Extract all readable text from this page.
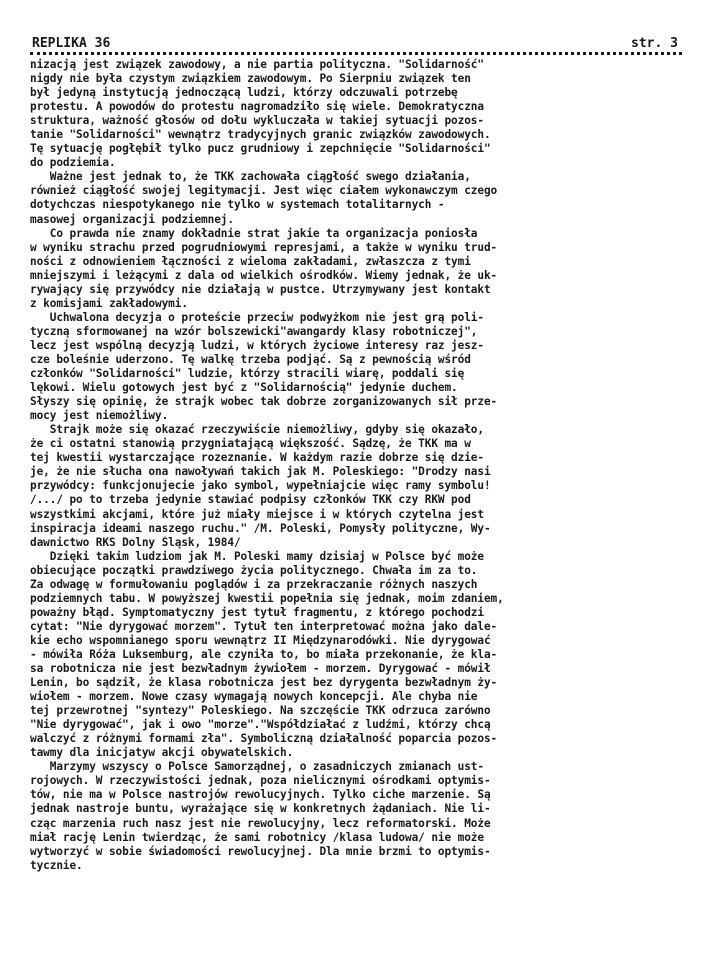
REPLIKA 36	str. 3
nizacją jest związek zawodowy, a nie partia polityczna. "Solidarność"
nigdy nie była czystym związkiem zawodowym. Po Sierpniu związek ten
był jedyną instytucją jednoczącą ludzi, którzy odczuwali potrzebę
protestu. A powodów do protestu nagromadziło się wiele. Demokratyczna
struktura, ważność głosów od dołu wykluczała w takiej sytuacji pozos-
tanie "Solidarności" wewnątrz tradycyjnych granic związków zawodowych.
Tę sytuację pogłębił tylko pucz grudniowy i zepchnięcie "Solidarności"
do podziemia.
Ważne jest jednak to, że TKK zachowała ciągłość swego działania,
również ciągłość swojej legitymacji. Jest więc ciałem wykonawczym czego
dotychczas niespotykanego nie tylko w systemach totalitarnych -
masowej organizacji podziemnej.
Co prawda nie znamy dokładnie strat jakie ta organizacja poniosła
w wyniku strachu przed pogrudniowymi represjami, a także w wyniku trud-
ności z odnowieniem łączności z wieloma zakładami, zwłaszcza z tymi
mniejszymi i leżącymi z dala od wielkich ośrodków. Wiemy jednak, że uk-
rywający się przywódcy nie działają w pustce. Utrzymywany jest kontakt
z komisjami zakładowymi.
Uchwalona decyzja o proteście przeciw podwyżkom nie jest grą poli-
tyczną sformowanej na wzór bolszewicki"awangardy klasy robotniczej",
lecz jest wspólną decyzją ludzi, w których życiowe interesy raz jesz-
cze boleśnie uderzono. Tę walkę trzeba podjąć. Są z pewnością wśród
członków "Solidarności" ludzie, którzy stracili wiarę, poddali się
lękowi. Wielu gotowych jest być z "Solidarnością" jedynie duchem.
Słyszy się opinię, że strajk wobec tak dobrze zorganizowanych sił prze-
mocy jest niemożliwy.
Strajk może się okazać rzeczywiście niemożliwy, gdyby się okazało,
że ci ostatni stanowią przygniatającą większość. Sądzę, że TKK ma w
tej kwestii wystarczające rozeznanie. W każdym razie dobrze się dzie-
je, że nie słucha ona nawoływań takich jak M. Poleskiego: "Drodzy nasi
przywódcy: funkcjonujecie jako symbol, wypełniajcie więc ramy symbolu!
/.../ po to trzeba jedynie stawiać podpisy członków TKK czy RKW pod
wszystkimi akcjami, które już miały miejsce i w których czytelna jest
inspiracja ideami naszego ruchu." /M. Poleski, Pomysły polityczne, Wy-
dawnictwo RKS Dolny Śląsk, 1984/
Dzięki takim ludziom jak M. Poleski mamy dzisiaj w Polsce być może
obiecujące początki prawdziwego życia politycznego. Chwała im za to.
Za odwagę w formułowaniu poglądów i za przekraczanie różnych naszych
podziemnych tabu. W powyższej kwestii popełnia się jednak, moim zdaniem,
poważny błąd. Symptomatyczny jest tytuł fragmentu, z którego pochodzi
cytat: "Nie dyrygować morzem". Tytuł ten interpretować można jako dale-
kie echo wspomnianego sporu wewnątrz II Międzynarodówki. Nie dyrygować
- mówiła Róża Luksemburg, ale czyniła to, bo miała przekonanie, że kla-
sa robotnicza nie jest bezwładnym żywiołem - morzem. Dyrygować - mówił
Lenin, bo sądził, że klasa robotnicza jest bez dyrygenta bezwładnym ży-
wiołem - morzem. Nowe czasy wymagają nowych koncepcji. Ale chyba nie
tej przewrotnej "syntezy" Poleskiego. Na szczęście TKK odrzuca zarówno
"Nie dyrygować", jak i owo "morze"."Współdziałać z ludźmi, którzy chcą
walczyć z różnymi formami zła". Symboliczną działalność poparcia pozos-
tawmy dla inicjatyw akcji obywatelskich.
Marzymy wszyscy o Polsce Samorządnej, o zasadniczych zmianach ust-
rojowych. W rzeczywistości jednak, poza nielicznymi ośrodkami optymis-
tów, nie ma w Polsce nastrojów rewolucyjnych. Tylko ciche marzenie. Są
jednak nastroje buntu, wyrażające się w konkretnych żądaniach. Nie li-
cząc marzenia ruch nasz jest nie rewolucyjny, lecz reformatorski. Może
miał rację Lenin twierdząc, że sami robotnicy /klasa ludowa/ nie może
wytworzyć w sobie świadomości rewolucyjnej. Dla mnie brzmi to optymis-
tycznie.
